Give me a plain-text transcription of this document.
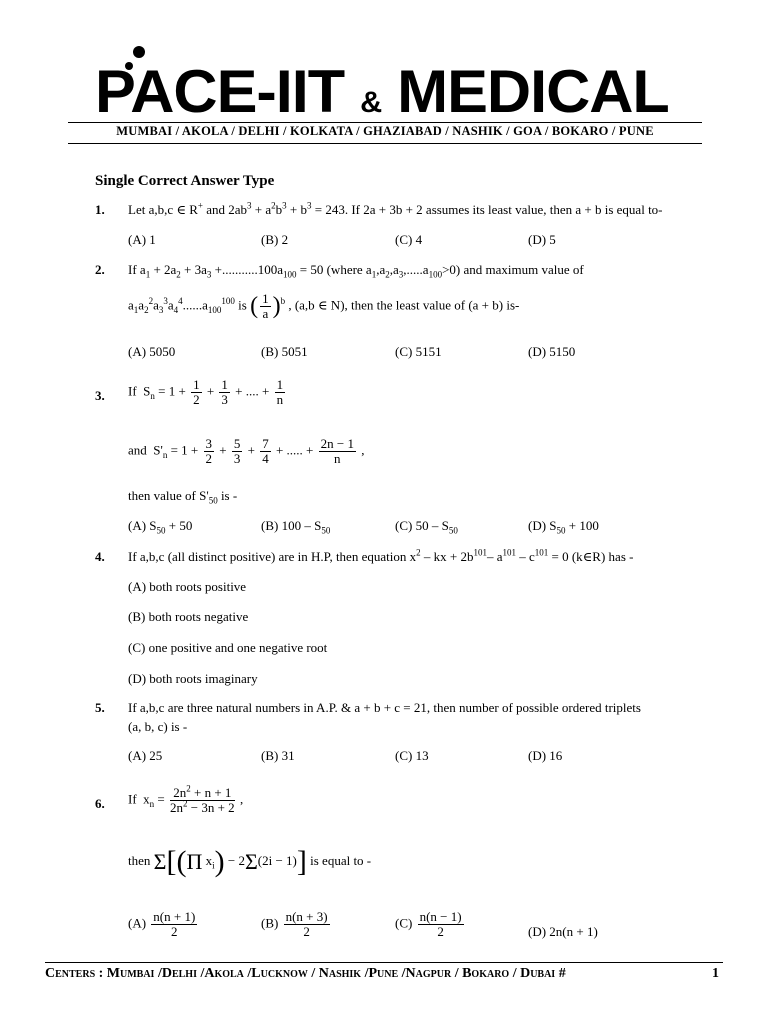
PACE-IIT & MEDICAL
MUMBAI / AKOLA / DELHI / KOLKATA / GHAZIABAD / NASHIK / GOA / BOKARO / PUNE
Single Correct Answer Type
1. Let a,b,c ∈ R+ and $2ab^3 + a^2b^3 + b^3 = 243$. If 2a + 3b + 2 assumes its least value, then a + b is equal to-
(A) 1	(B) 2	(C) 4	(D) 5
2. If $a_1 + 2a_2 + 3a_3 +...........100a_{100} = 50$ (where $a_1,a_2,a_3,.....a_{100}>0$) and maximum value of
$a_1a_2^2a_3^3a_4^4......a_{100}^{100}$ is ( $\frac{1}{a} )^b$ , (a,b ∈ N), then the least value of (a + b) is-
(A) 5050	(B) 5051	(C) 5151	(D) 5150
3. If  $S_n = 1 + \frac{1}{2} + \frac{1}{3}$ + .... + $\frac{1}{n}$
and  $S'_n = 1 + \frac{3}{2} + \frac{5}{3} + \frac{7}{4}$ + ..... + $\frac{2n - 1}{n}$ ,
then value of $S'_{50}$ is -
(A) $S_{50} + 50$	(B) $100 - S_{50}$	(C) $50 - S_{50}$	(D) $S_{50} + 100$
4. If a,b,c (all distinct positive) are in H.P, then equation $x^2$ – kx + $2b^{101}-$ $a^{101} - c^{101} = 0$ (k∈R) has -
(A) both roots positive
(B) both roots negative
(C) one positive and one negative root
(D) both roots imaginary
5. If a,b,c are three natural numbers in A.P. & a + b + c = 21, then number of possible ordered triplets
(a, b, c) is -
(A) 25	(B) 31	(C) 13	(D) 16
6. If  $x_n = \frac{2n^2 + n + 1}{2n^2 - 3n + 2}$ ,
then Σ[(Π $x_i) - 2\Sigma(2i - 1)$] is equal to -
$(A) \frac{n(n + 1)}{2}$	$(B) \frac{n(n + 3)}{2}$	$(C) \frac{n(n - 1)}{2}$	(D) 2n(n + 1)
Centers : Mumbai /Delhi /Akola /Lucknow / Nashik /Pune /Nagpur / Bokaro / Dubai #	1
